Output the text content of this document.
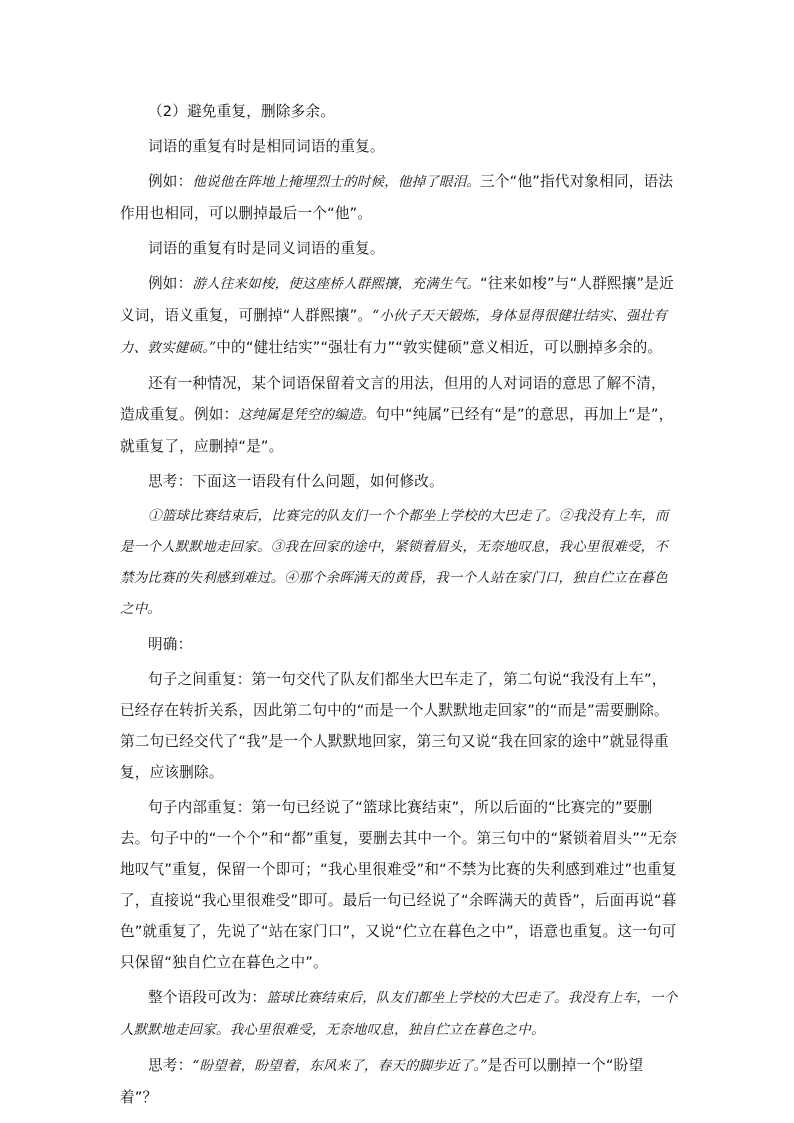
（2）避免重复，删除多余。

词语的重复有时是相同词语的重复。

例如：他说他在阵地上掩埋烈士的时候，他掉了眼泪。三个“他”指代对象相同，语法作用也相同，可以删掉最后一个“他”。

词语的重复有时是同义词语的重复。

例如：游人往来如梭，使这座桥人群熙攘，充满生气。“往来如梭”与“人群熙攘”是近义词，语义重复，可删掉“人群熙攘”。“小伙子天天锻炼，身体显得很健壮结实、强壮有力、敦实健硕。”中的“健壮结实”“强壮有力”“敦实健硕”意义相近，可以删掉多余的。

还有一种情况，某个词语保留着文言的用法，但用的人对词语的意思了解不清，造成重复。例如：这纯属是凭空的编造。句中“纯属”已经有“是”的意思，再加上“是”，就重复了，应删掉“是”。

思考：下面这一语段有什么问题，如何修改。

①篮球比赛结束后，比赛完的队友们一个个都坐上学校的大巴走了。②我没有上车，而是一个人默默地走回家。③我在回家的途中，紧锁着眉头，无奈地叹息，我心里很难受，不禁为比赛的失利感到难过。④那个余晖满天的黄昏，我一个人站在家门口，独自伫立在暮色之中。

明确：

句子之间重复：第一句交代了队友们都坐大巴车走了，第二句说“我没有上车”，已经存在转折关系，因此第二句中的“而是一个人默默地走回家”的“而是”需要删除。第二句已经交代了“我”是一个人默默地回家，第三句又说“我在回家的途中”就显得重复，应该删除。

句子内部重复：第一句已经说了“篮球比赛结束”，所以后面的“比赛完的”要删去。句子中的“一个个”和“都”重复，要删去其中一个。第三句中的“紧锁着眉头”“无奈地叹气”重复，保留一个即可；“我心里很难受”和“不禁为比赛的失利感到难过”也重复了，直接说“我心里很难受”即可。最后一句已经说了“余晖满天的黄昏”，后面再说“暮色”就重复了，先说了“站在家门口”，又说“伫立在暮色之中”，语意也重复。这一句可只保留“独自伫立在暮色之中”。

整个语段可改为：篮球比赛结束后，队友们都坐上学校的大巴走了。我没有上车，一个人默默地走回家。我心里很难受，无奈地叹息，独自伫立在暮色之中。

思考：“盼望着，盼望着，东风来了，春天的脚步近了。”是否可以删掉一个“盼望着”？
